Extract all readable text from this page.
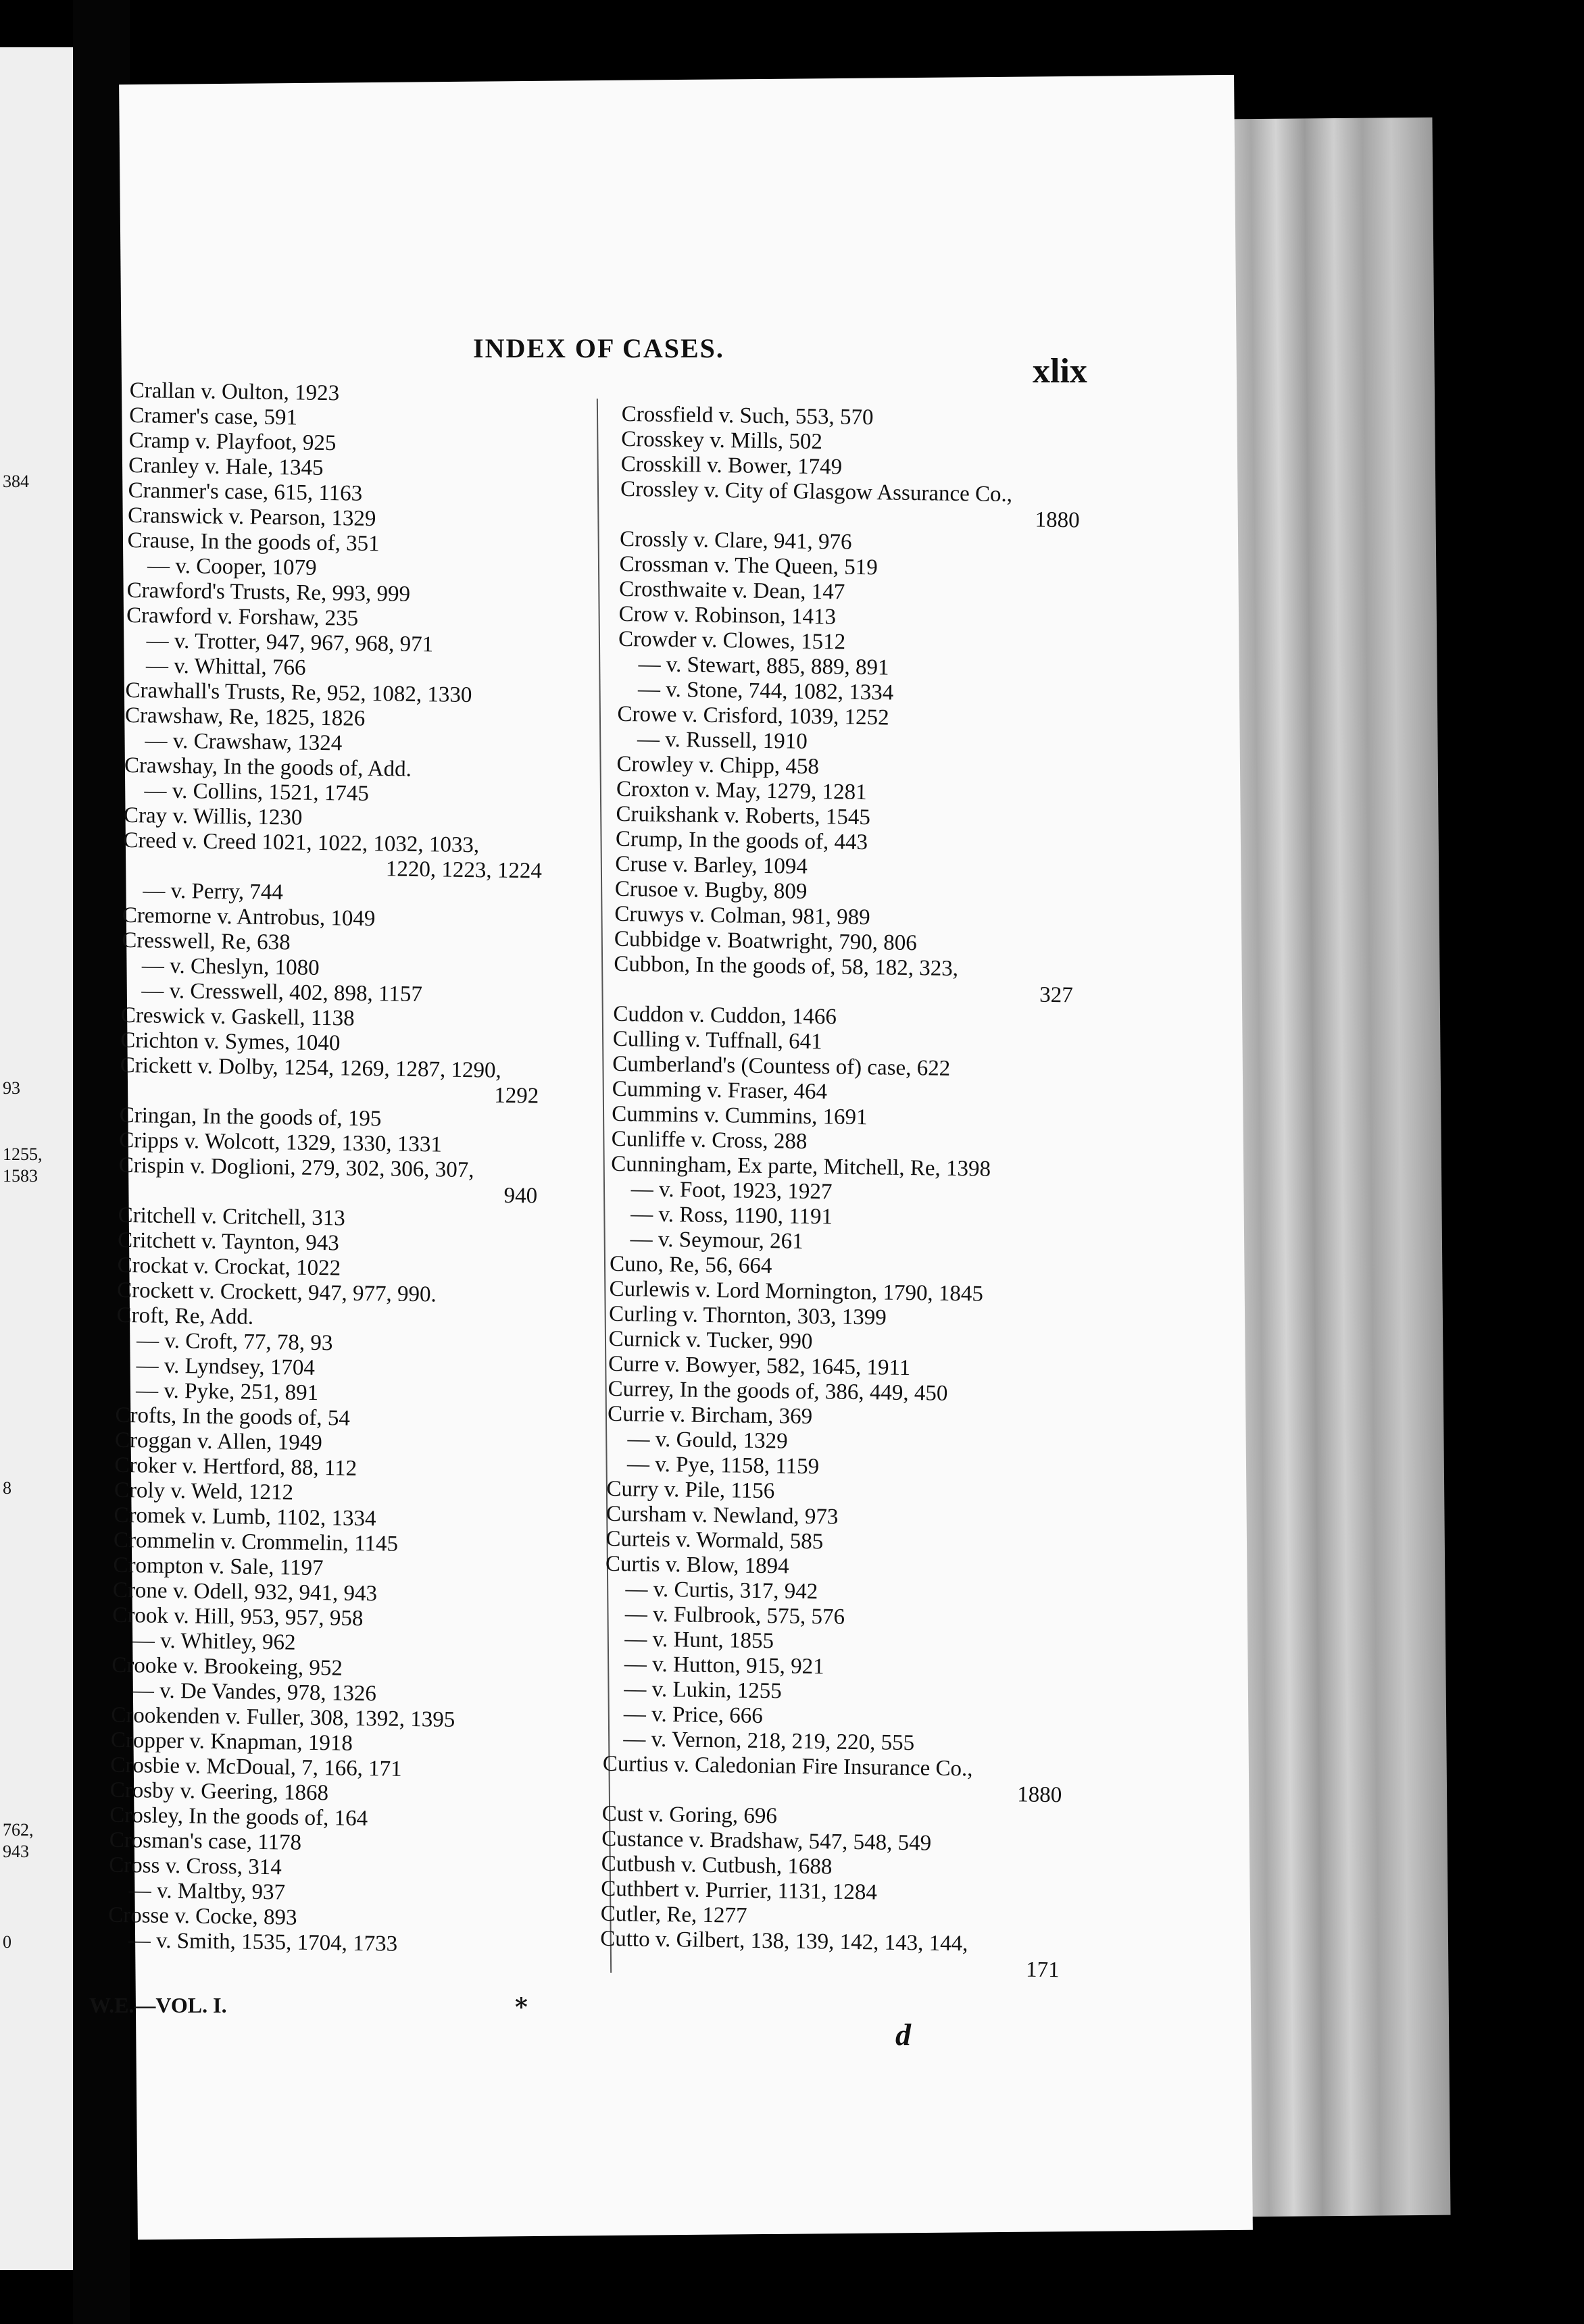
384
93
1255,
1583
8
762,
943
0
INDEX OF CASES.
xlix
Crallan v. Oulton, 1923
Cramer's case, 591
Cramp v. Playfoot, 925
Cranley v. Hale, 1345
Cranmer's case, 615, 1163
Cranswick v. Pearson, 1329
Crause, In the goods of, 351
— v. Cooper, 1079
Crawford's Trusts, Re, 993, 999
Crawford v. Forshaw, 235
— v. Trotter, 947, 967, 968, 971
— v. Whittal, 766
Crawhall's Trusts, Re, 952, 1082, 1330
Crawshaw, Re, 1825, 1826
— v. Crawshaw, 1324
Crawshay, In the goods of, Add.
— v. Collins, 1521, 1745
Cray v. Willis, 1230
Creed v. Creed 1021, 1022, 1032, 1033,
1220, 1223, 1224
— v. Perry, 744
Cremorne v. Antrobus, 1049
Cresswell, Re, 638
— v. Cheslyn, 1080
— v. Cresswell, 402, 898, 1157
Creswick v. Gaskell, 1138
Crichton v. Symes, 1040
Crickett v. Dolby, 1254, 1269, 1287, 1290,
1292
Cringan, In the goods of, 195
Cripps v. Wolcott, 1329, 1330, 1331
Crispin v. Doglioni, 279, 302, 306, 307,
940
Critchell v. Critchell, 313
Critchett v. Taynton, 943
Crockat v. Crockat, 1022
Crockett v. Crockett, 947, 977, 990.
Croft, Re, Add.
— v. Croft, 77, 78, 93
— v. Lyndsey, 1704
— v. Pyke, 251, 891
Crofts, In the goods of, 54
Croggan v. Allen, 1949
Croker v. Hertford, 88, 112
Croly v. Weld, 1212
Cromek v. Lumb, 1102, 1334
Crommelin v. Crommelin, 1145
Crompton v. Sale, 1197
Crone v. Odell, 932, 941, 943
Crook v. Hill, 953, 957, 958
— v. Whitley, 962
Crooke v. Brookeing, 952
— v. De Vandes, 978, 1326
Crookenden v. Fuller, 308, 1392, 1395
Cropper v. Knapman, 1918
Crosbie v. McDoual, 7, 166, 171
Crosby v. Geering, 1868
Crosley, In the goods of, 164
Crosman's case, 1178
Cross v. Cross, 314
— v. Maltby, 937
Crosse v. Cocke, 893
— v. Smith, 1535, 1704, 1733
Crossfield v. Such, 553, 570
Crosskey v. Mills, 502
Crosskill v. Bower, 1749
Crossley v. City of Glasgow Assurance Co.,
1880
Crossly v. Clare, 941, 976
Crossman v. The Queen, 519
Crosthwaite v. Dean, 147
Crow v. Robinson, 1413
Crowder v. Clowes, 1512
— v. Stewart, 885, 889, 891
— v. Stone, 744, 1082, 1334
Crowe v. Crisford, 1039, 1252
— v. Russell, 1910
Crowley v. Chipp, 458
Croxton v. May, 1279, 1281
Cruikshank v. Roberts, 1545
Crump, In the goods of, 443
Cruse v. Barley, 1094
Crusoe v. Bugby, 809
Cruwys v. Colman, 981, 989
Cubbidge v. Boatwright, 790, 806
Cubbon, In the goods of, 58, 182, 323,
327
Cuddon v. Cuddon, 1466
Culling v. Tuffnall, 641
Cumberland's (Countess of) case, 622
Cumming v. Fraser, 464
Cummins v. Cummins, 1691
Cunliffe v. Cross, 288
Cunningham, Ex parte, Mitchell, Re, 1398
— v. Foot, 1923, 1927
— v. Ross, 1190, 1191
— v. Seymour, 261
Cuno, Re, 56, 664
Curlewis v. Lord Mornington, 1790, 1845
Curling v. Thornton, 303, 1399
Curnick v. Tucker, 990
Curre v. Bowyer, 582, 1645, 1911
Currey, In the goods of, 386, 449, 450
Currie v. Bircham, 369
— v. Gould, 1329
— v. Pye, 1158, 1159
Curry v. Pile, 1156
Cursham v. Newland, 973
Curteis v. Wormald, 585
Curtis v. Blow, 1894
— v. Curtis, 317, 942
— v. Fulbrook, 575, 576
— v. Hunt, 1855
— v. Hutton, 915, 921
— v. Lukin, 1255
— v. Price, 666
— v. Vernon, 218, 219, 220, 555
Curtius v. Caledonian Fire Insurance Co.,
1880
Cust v. Goring, 696
Custance v. Bradshaw, 547, 548, 549
Cutbush v. Cutbush, 1688
Cuthbert v. Purrier, 1131, 1284
Cutler, Re, 1277
Cutto v. Gilbert, 138, 139, 142, 143, 144,
171
W.E.—VOL. I.	*
d
